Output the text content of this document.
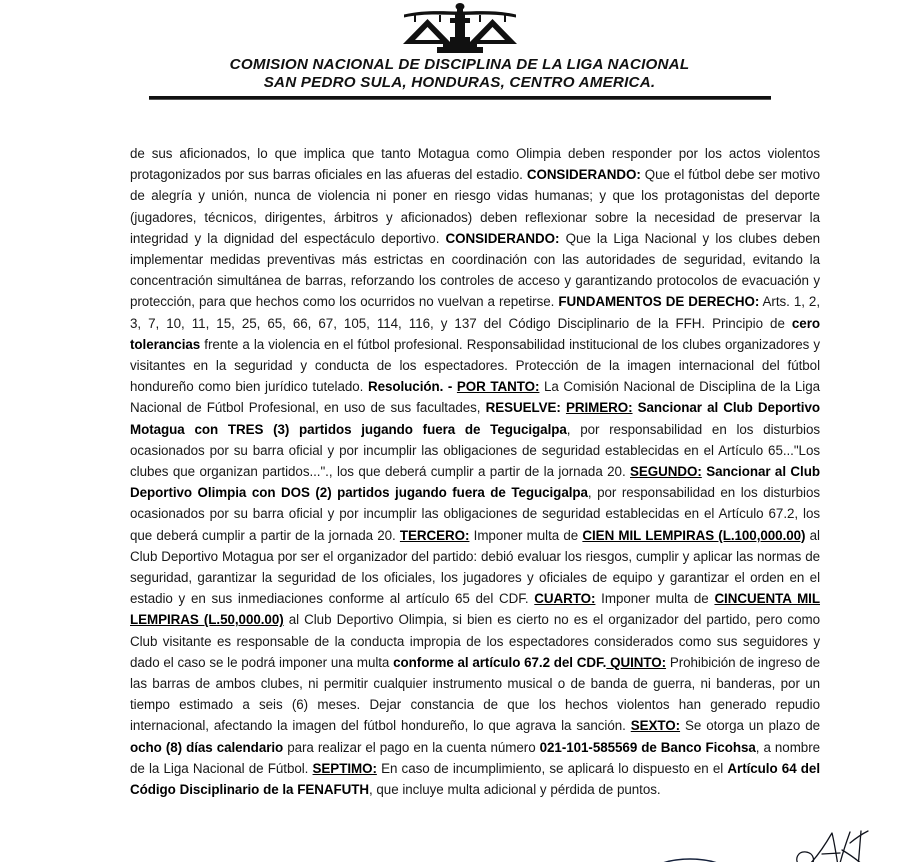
COMISION NACIONAL DE DISCIPLINA DE LA LIGA NACIONAL
SAN PEDRO SULA, HONDURAS, CENTRO AMERICA.

de sus aficionados, lo que implica que tanto Motagua como Olimpia deben responder por los actos violentos protagonizados por sus barras oficiales en las afueras del estadio. CONSIDERANDO: Que el fútbol debe ser motivo de alegría y unión, nunca de violencia ni poner en riesgo vidas humanas; y que los protagonistas del deporte (jugadores, técnicos, dirigentes, árbitros y aficionados) deben reflexionar sobre la necesidad de preservar la integridad y la dignidad del espectáculo deportivo. CONSIDERANDO: Que la Liga Nacional y los clubes deben implementar medidas preventivas más estrictas en coordinación con las autoridades de seguridad, evitando la concentración simultánea de barras, reforzando los controles de acceso y garantizando protocolos de evacuación y protección, para que hechos como los ocurridos no vuelvan a repetirse. FUNDAMENTOS DE DERECHO: Arts. 1, 2, 3, 7, 10, 11, 15, 25, 65, 66, 67, 105, 114, 116, y 137 del Código Disciplinario de la FFH. Principio de cero tolerancias frente a la violencia en el fútbol profesional. Responsabilidad institucional de los clubes organizadores y visitantes en la seguridad y conducta de los espectadores. Protección de la imagen internacional del fútbol hondureño como bien jurídico tutelado. Resolución. - POR TANTO: La Comisión Nacional de Disciplina de la Liga Nacional de Fútbol Profesional, en uso de sus facultades, RESUELVE: PRIMERO: Sancionar al Club Deportivo Motagua con TRES (3) partidos jugando fuera de Tegucigalpa, por responsabilidad en los disturbios ocasionados por su barra oficial y por incumplir las obligaciones de seguridad establecidas en el Artículo 65..."Los clubes que organizan partidos..."., los que deberá cumplir a partir de la jornada 20. SEGUNDO: Sancionar al Club Deportivo Olimpia con DOS (2) partidos jugando fuera de Tegucigalpa, por responsabilidad en los disturbios ocasionados por su barra oficial y por incumplir las obligaciones de seguridad establecidas en el Artículo 67.2, los que deberá cumplir a partir de la jornada 20. TERCERO: Imponer multa de CIEN MIL LEMPIRAS (L.100,000.00) al Club Deportivo Motagua por ser el organizador del partido: debió evaluar los riesgos, cumplir y aplicar las normas de seguridad, garantizar la seguridad de los oficiales, los jugadores y oficiales de equipo y garantizar el orden en el estadio y en sus inmediaciones conforme al artículo 65 del CDF. CUARTO: Imponer multa de CINCUENTA MIL LEMPIRAS (L.50,000.00) al Club Deportivo Olimpia, si bien es cierto no es el organizador del partido, pero como Club visitante es responsable de la conducta impropia de los espectadores considerados como sus seguidores y dado el caso se le podrá imponer una multa conforme al artículo 67.2 del CDF. QUINTO: Prohibición de ingreso de las barras de ambos clubes, ni permitir cualquier instrumento musical o de banda de guerra, ni banderas, por un tiempo estimado a seis (6) meses. Dejar constancia de que los hechos violentos han generado repudio internacional, afectando la imagen del fútbol hondureño, lo que agrava la sanción. SEXTO: Se otorga un plazo de ocho (8) días calendario para realizar el pago en la cuenta número 021-101-585569 de Banco Ficohsa, a nombre de la Liga Nacional de Fútbol. SEPTIMO: En caso de incumplimiento, se aplicará lo dispuesto en el Artículo 64 del Código Disciplinario de la FENAFUTH, que incluye multa adicional y pérdida de puntos.
